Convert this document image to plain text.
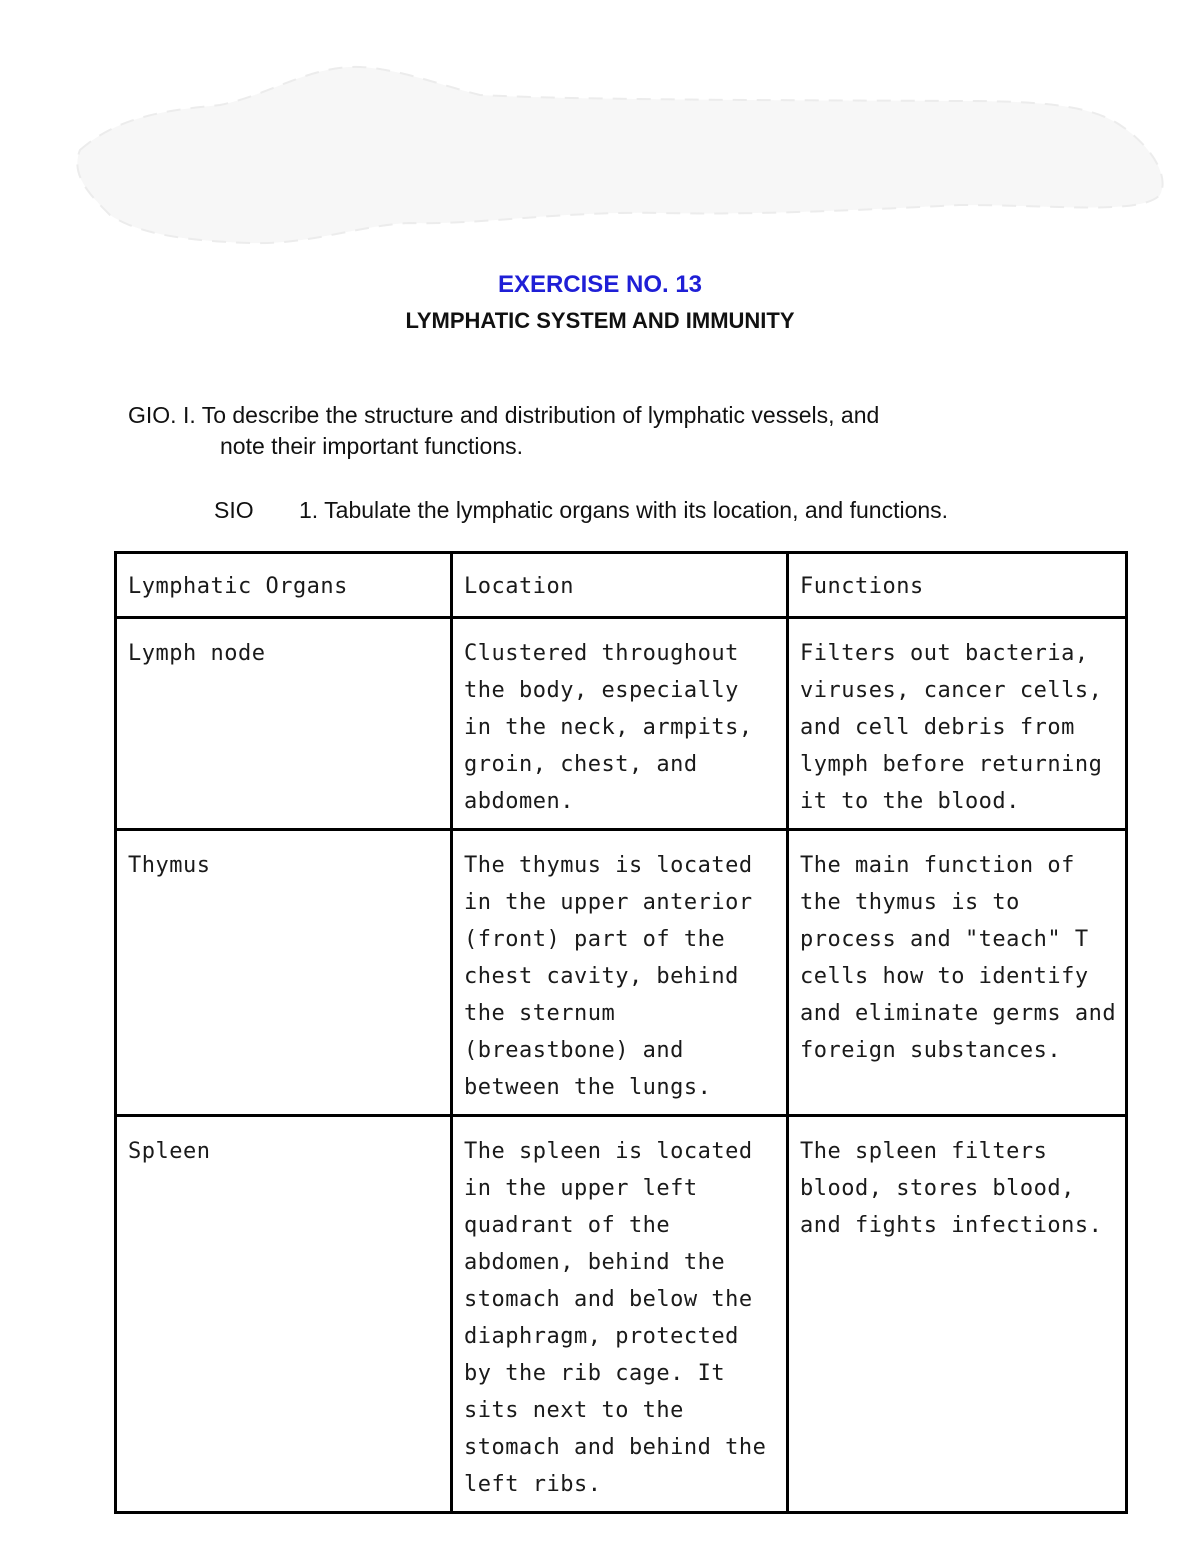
EXERCISE NO. 13
LYMPHATIC SYSTEM AND IMMUNITY
GIO. I. To describe the structure and distribution of lymphatic vessels, and
note their important functions.
SIO 1. Tabulate the lymphatic organs with its location, and functions.
Lymphatic Organs	Location	Functions
Lymph node	Clustered throughout the body, especially in the neck, armpits, groin, chest, and abdomen.	Filters out bacteria, viruses, cancer cells, and cell debris from lymph before returning it to the blood.
Thymus	The thymus is located in the upper anterior (front) part of the chest cavity, behind the sternum (breastbone) and between the lungs.	The main function of the thymus is to process and "teach" T cells how to identify and eliminate germs and foreign substances.
Spleen	The spleen is located in the upper left quadrant of the abdomen, behind the stomach and below the diaphragm, protected by the rib cage. It sits next to the stomach and behind the left ribs.	The spleen filters blood, stores blood, and fights infections.
